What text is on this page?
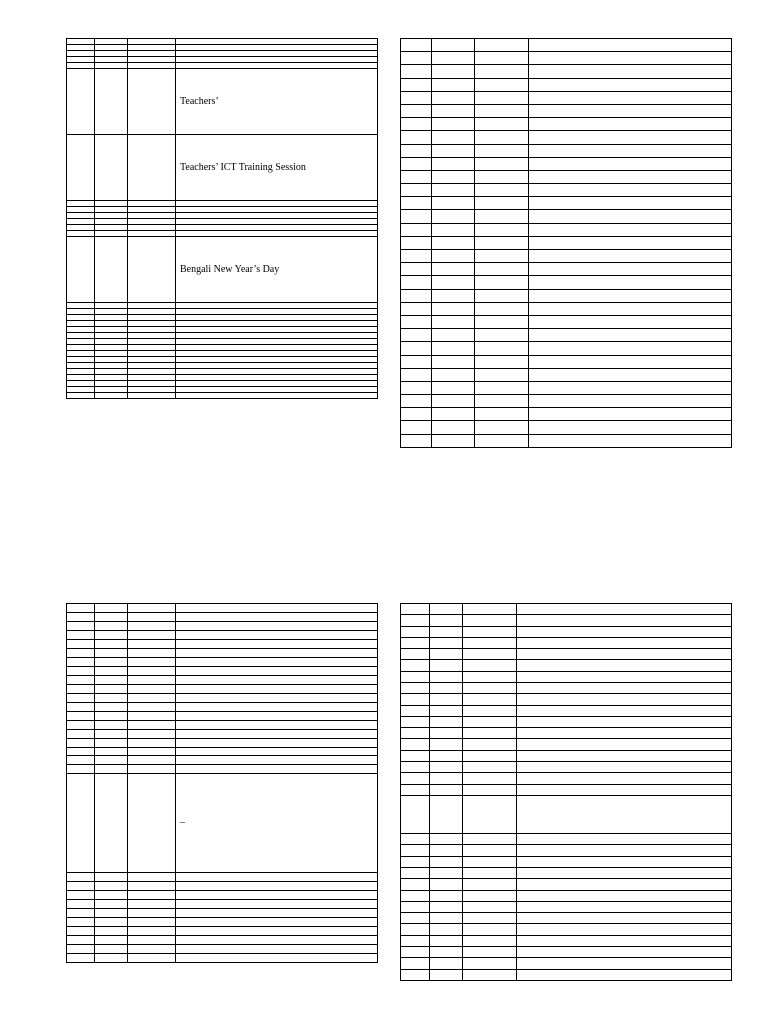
			Teachers’
			Teachers’ ICT Training Session

			Bengali New Year’s Day

			–
